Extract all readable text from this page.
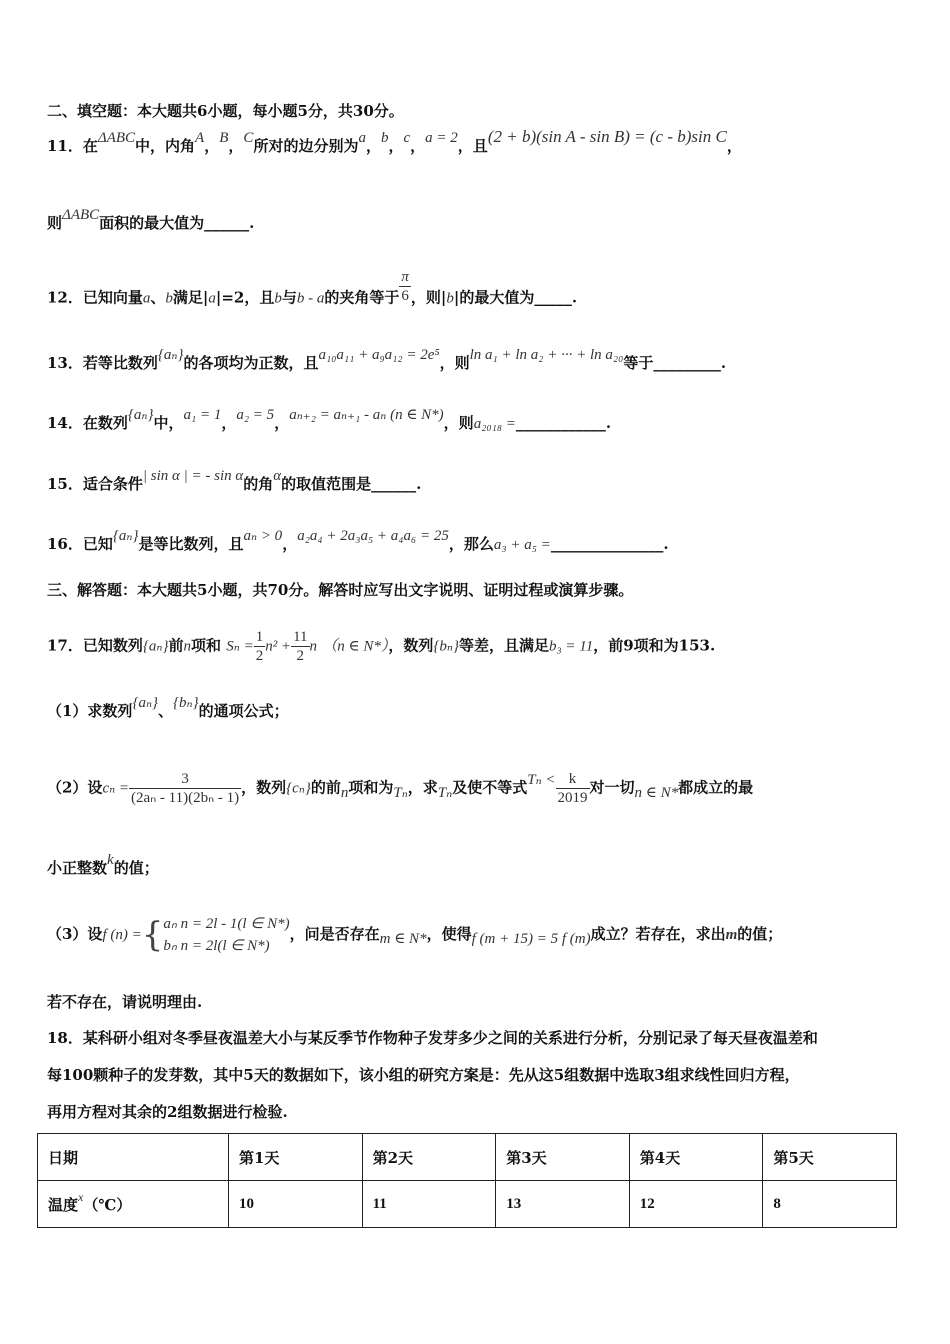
二、填空题：本大题共6小题，每小题5分，共30分。
11．在ΔABC中，内角A，B，C所对的边分别为a，b，c，a = 2，且(2 + b)(sin A - sin B) = (c - b)sin C，
则ΔABC面积的最大值为______.
12．已知向量a、b满足|a|=2，且b与b - a的夹角等于 $\frac{\pi}{6}$ ，则|b|的最大值为_____.
13．若等比数列{aₙ}的各项均为正数，且a₁₀a₁₁ + a₉a₁₂ = 2e⁵，则ln a₁ + ln a₂ + ··· + ln a₂₀等于_________.
14．在数列{aₙ}中，a₁ = 1，a₂ = 5，aₙ₊₂ = aₙ₊₁ - aₙ (n ∈ N*)，则a₂₀₁₈ =____________.
15．适合条件| sin α | = - sin α的角α的取值范围是______.
16．已知{aₙ}是等比数列，且aₙ > 0，a₂a₄ + 2a₃a₅ + a₄a₆ = 25，那么a₃ + a₅ =_______________.
三、解答题：本大题共5小题，共70分。解答时应写出文字说明、证明过程或演算步骤。
17．已知数列{aₙ}前n项和 $S_n = \frac{1}{2} n^2 + \frac{11}{2}$ n （n ∈ N*），数列{bₙ}等差，且满足b₃ = 11，前9项和为153.
（1）求数列{aₙ}、{bₙ}的通项公式；
（2）设$c_n = \frac{3}{\text{(2aₙ - 11)(2bₙ - 1)}}$ ，数列{cₙ}的前n项和为Tₙ，求Tₙ及使不等式$T_n < \frac{k}{2019}$ 对一切n ∈ N*都成立的最
小正整数k的值；
（3）设f (n) ={ aₙ n = 2l - 1(l ∈ N*)
bₙ n = 2l(l ∈ N*)
，问是否存在m ∈ N*，使得f (m + 15) = 5 f (m)成立？若存在，求出m的值；
若不存在，请说明理由.
18．某科研小组对冬季昼夜温差大小与某反季节作物种子发芽多少之间的关系进行分析，分别记录了每天昼夜温差和
每100颗种子的发芽数，其中5天的数据如下，该小组的研究方案是：先从这5组数据中选取3组求线性回归方程，
再用方程对其余的2组数据进行检验.
日期	第1天	第2天	第3天	第4天	第5天
温度$^x$（℃）	10	11	13	12	8
